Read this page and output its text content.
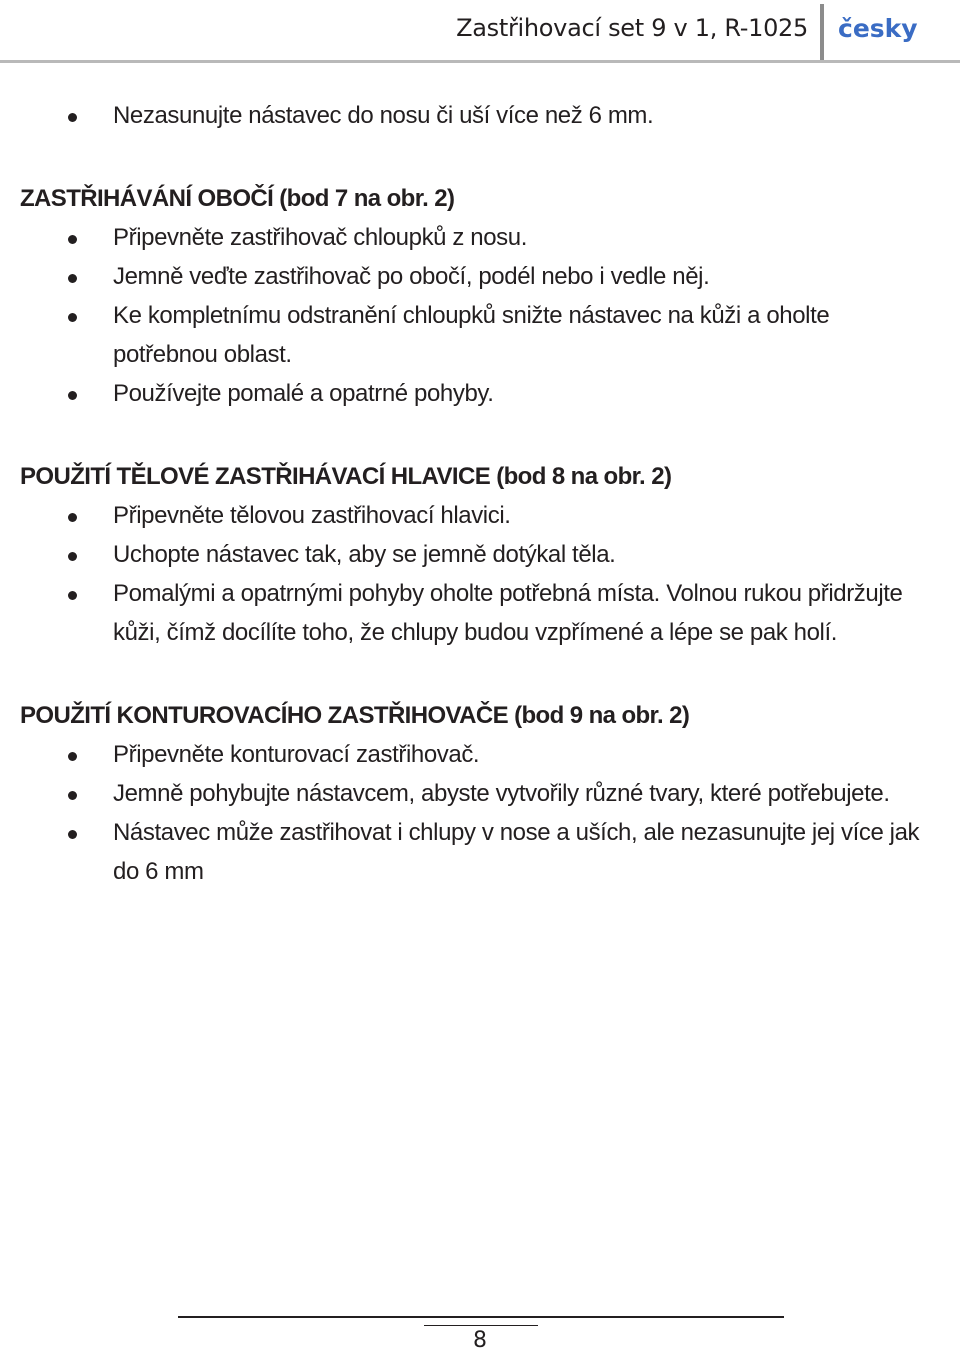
Zastřihovací set 9 v 1, R-1025 česky
Nezasunujte nástavec do nosu či uší více než 6 mm.
ZASTŘIHÁVÁNÍ OBOČÍ (bod 7 na obr. 2)
Připevněte zastřihovač chloupků z nosu.
Jemně veďte zastřihovač po obočí, podél nebo i vedle něj.
Ke kompletnímu odstranění chloupků snižte nástavec na kůži a oholte potřebnou oblast.
Používejte pomalé a opatrné pohyby.
POUŽITÍ TĚLOVÉ ZASTŘIHÁVACÍ HLAVICE (bod 8 na obr. 2)
Připevněte tělovou zastřihovací hlavici.
Uchopte nástavec tak, aby se jemně dotýkal těla.
Pomalými a opatrnými pohyby oholte potřebná místa. Volnou rukou přidržujte kůži, čímž docílíte toho, že chlupy budou vzpřímené a lépe se pak holí.
POUŽITÍ KONTUROVACÍHO ZASTŘIHOVAČE (bod 9 na obr. 2)
Připevněte konturovací zastřihovač.
Jemně pohybujte nástavcem, abyste vytvořily různé tvary, které potřebujete.
Nástavec může zastřihovat i chlupy v nose a uších, ale nezasunujte jej více jak do 6 mm
8
